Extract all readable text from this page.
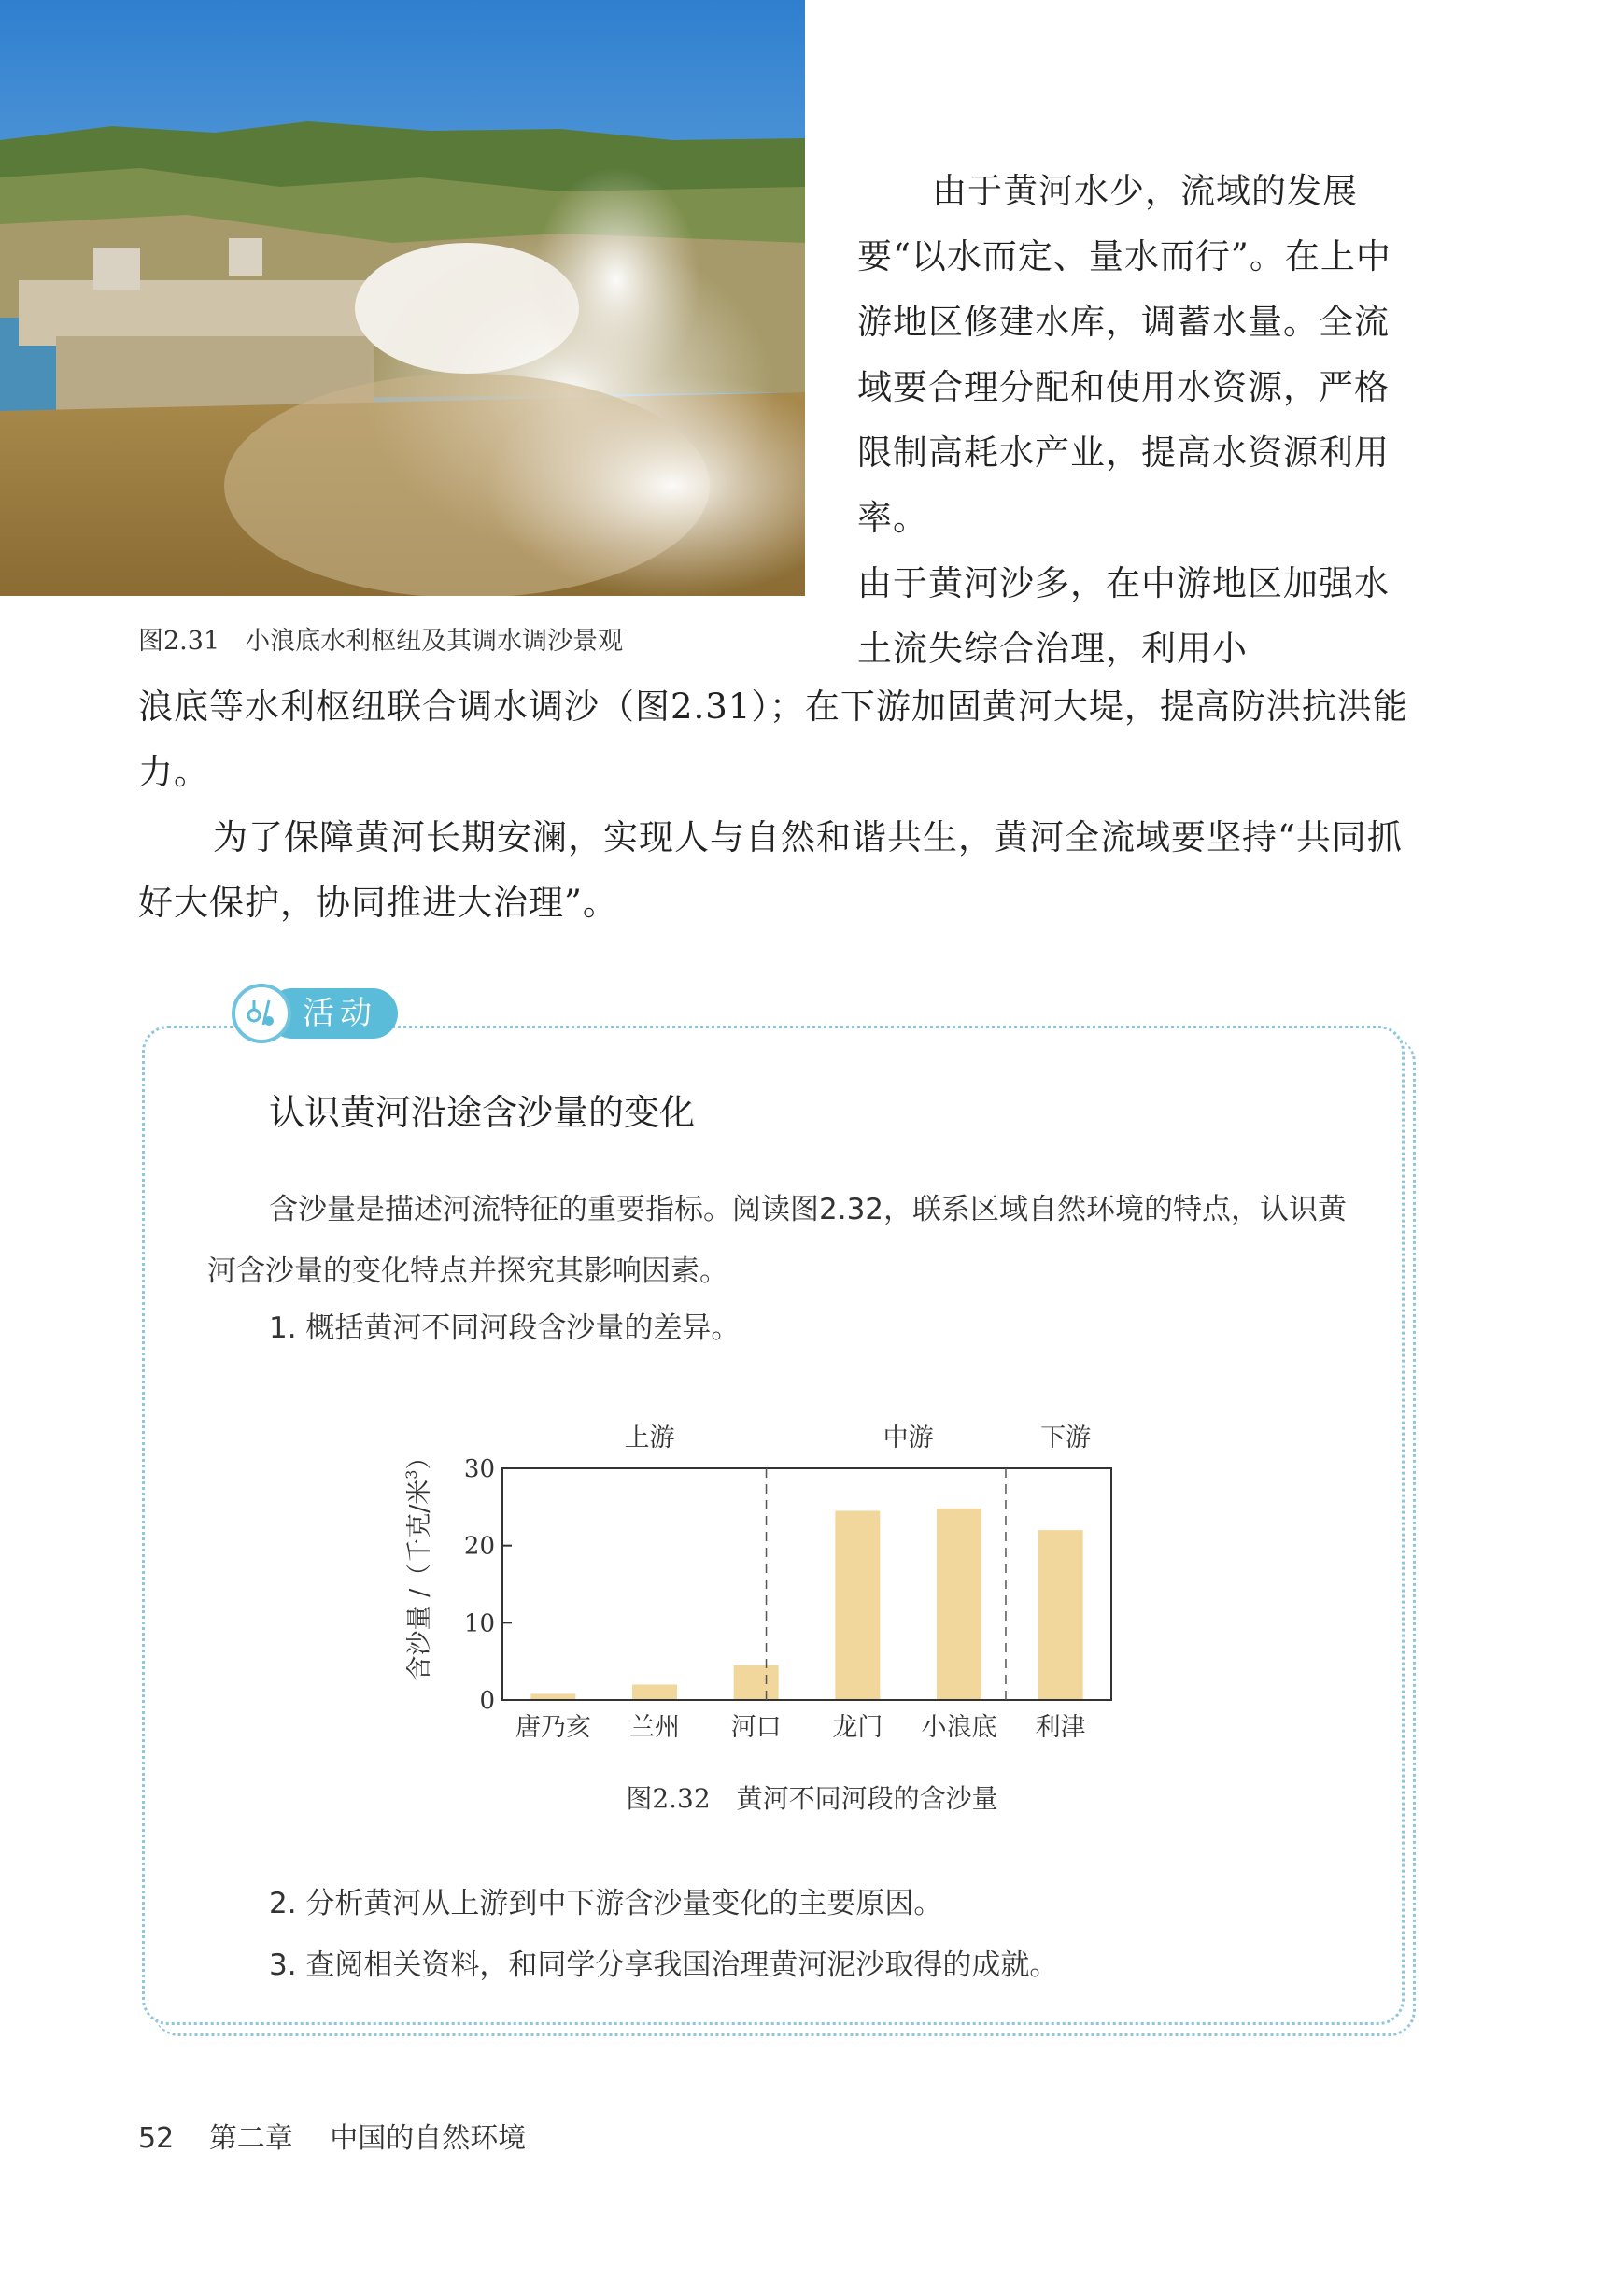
图2.31　小浪底水利枢纽及其调水调沙景观
由于黄河水少，流域的发展要“以水而定、量水而行”。在上中游地区修建水库，调蓄水量。全流域要合理分配和使用水资源，严格限制高耗水产业，提高水资源利用率。
由于黄河沙多，在中游地区加强水土流失综合治理，利用小
浪底等水利枢纽联合调水调沙（图2.31）；在下游加固黄河大堤，提高防洪抗洪能力。
为了保障黄河长期安澜，实现人与自然和谐共生，黄河全流域要坚持“共同抓好大保护，协同推进大治理”。
活动
认识黄河沿途含沙量的变化
含沙量是描述河流特征的重要指标。阅读图2.32，联系区域自然环境的特点，认识黄河含沙量的变化特点并探究其影响因素。
1. 概括黄河不同河段含沙量的差异。
0
10
20
30
唐乃亥 兰州 河口 龙门 小浪底 利津
上游	中游	下游
含沙量 /（千克/米$^3$）
图2.32　黄河不同河段的含沙量
2. 分析黄河从上游到中下游含沙量变化的主要原因。
3. 查阅相关资料，和同学分享我国治理黄河泥沙取得的成就。
52 第二章 中国的自然环境
